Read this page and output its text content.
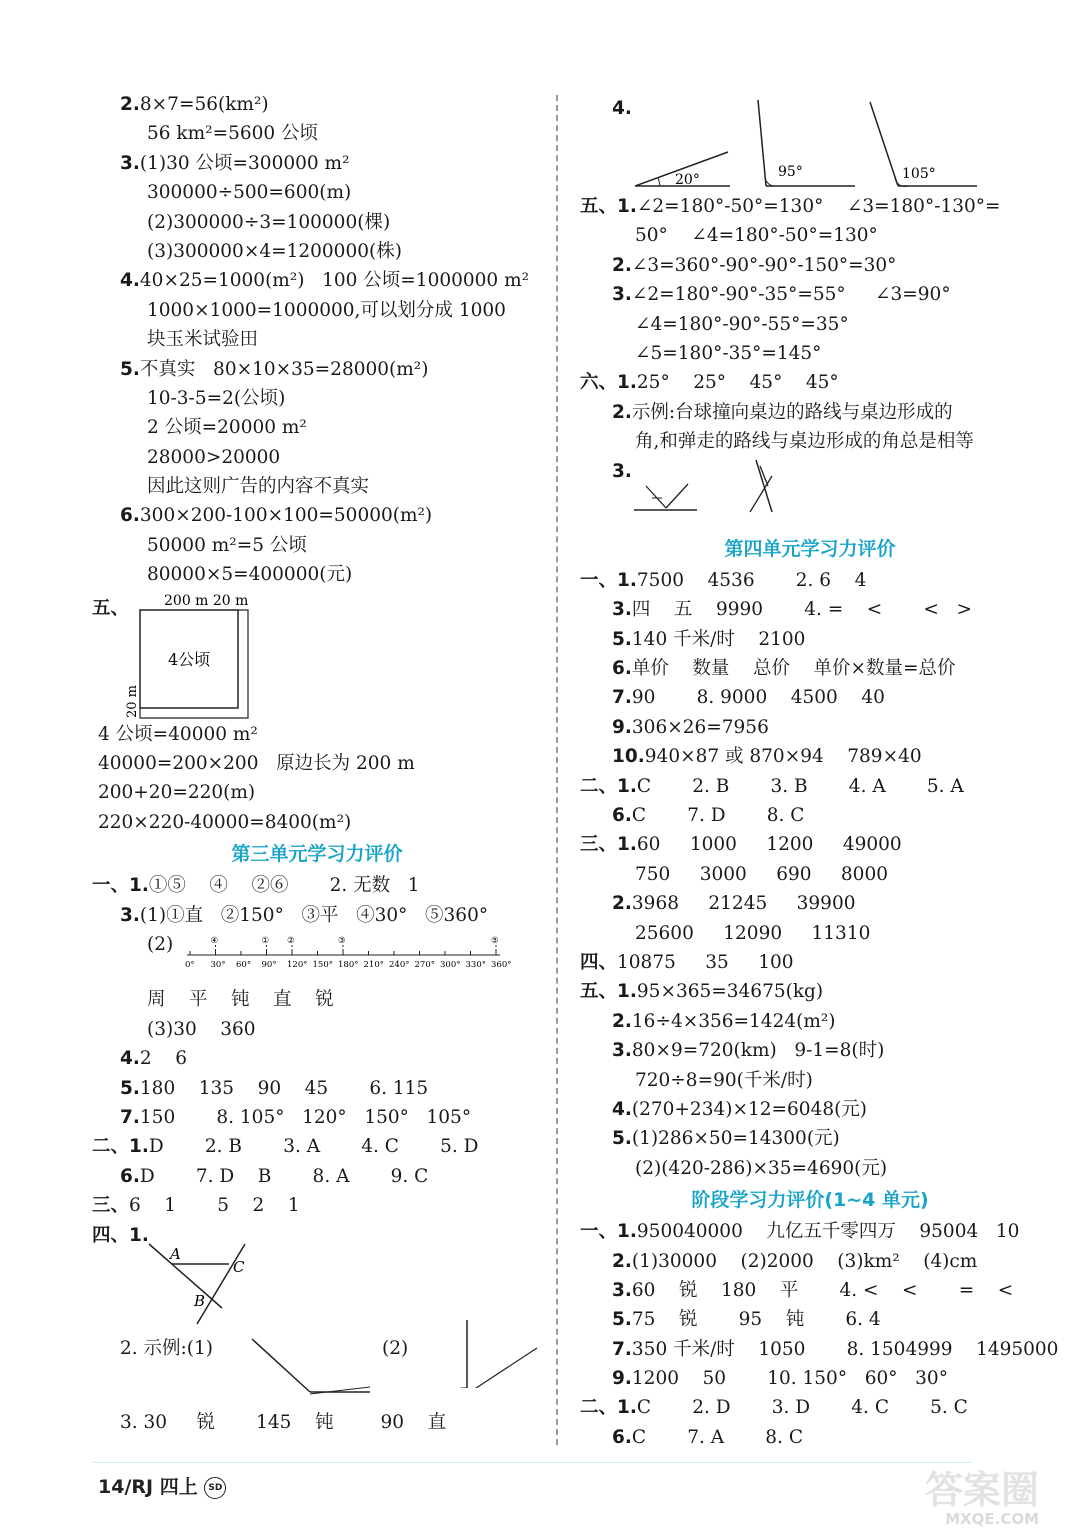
2.8×7=56(km²)
56 km²=5600 公顷
3.(1)30 公顷=300000 m²
300000÷500=600(m)
(2)300000÷3=100000(棵)
(3)300000×4=1200000(株)
4.40×25=1000(m²)   100 公顷=1000000 m²
1000×1000=1000000,可以划分成 1000
块玉米试验田
5.不真实   80×10×35=28000(m²)
10-3-5=2(公顷)
2 公顷=20000 m²
28000>20000
因此这则广告的内容不真实
6.300×200-100×100=50000(m²)
50000 m²=5 公顷
80000×5=400000(元)
五、 200 m 20 m
4公顷
20 m
4 公顷=40000 m²
40000=200×200   原边长为 200 m
200+20=220(m)
220×220-40000=8400(m²)
第三单元学习力评价
一、1.①⑤    ④    ②⑥       2. 无数   1
3.(1)①直   ②150°   ③平   ④30°   ⑤360°
(2)	④	① ②	③	⑤
0° 30° 60° 90° 120° 150° 180° 210° 240° 270° 300° 330° 360°
周    平    钝    直    锐
(3)30    360
4.2    6
5.180    135    90    45       6. 115
7.150       8. 105°   120°   150°   105°
二、1.D       2. B       3. A       4. C       5. D
6.D       7. D    B       8. A       9. C
三、6    1       5    2    1
四、1.
A
C
B
2. 示例:(1)	(2)
3. 30     锐       145    钝        90    直
4.
20°	95°	105°
五、1.∠2=180°-50°=130°    ∠3=180°-130°=
50°    ∠4=180°-50°=130°
2.∠3=360°-90°-90°-150°=30°
3.∠2=180°-90°-35°=55°     ∠3=90°
∠4=180°-90°-55°=35°
∠5=180°-35°=145°
六、1.25°    25°    45°    45°
2.示例:台球撞向桌边的路线与桌边形成的
角,和弹走的路线与桌边形成的角总是相等
3.
第四单元学习力评价
一、1.7500    4536       2. 6    4
3.四    五    9990       4. =    <       <   >
5.140 千米/时    2100
6.单价    数量    总价    单价×数量=总价
7.90       8. 9000    4500    40
9.306×26=7956
10.940×87 或 870×94    789×40
二、1.C       2. B       3. B       4. A       5. A
6.C       7. D       8. C
三、1.60     1000     1200     49000
750     3000     690     8000
2.3968     21245     39900
25600     12090     11310
四、10875     35     100
五、1.95×365=34675(kg)
2.16÷4×356=1424(m²)
3.80×9=720(km)   9-1=8(时)
720÷8=90(千米/时)
4.(270+234)×12=6048(元)
5.(1)286×50=14300(元)
(2)(420-286)×35=4690(元)
阶段学习力评价(1~4 单元)
一、1.950040000    九亿五千零四万    95004   10
2.(1)30000    (2)2000    (3)km²    (4)cm
3.60    锐    180    平       4. <    <       =    <
5.75    锐       95    钝       6. 4
7.350 千米/时    1050       8. 1504999    1495000
9.1200    50       10. 150°   60°   30°
二、1.C       2. D       3. D       4. C       5. C
6.C       7. A       8. C
14/RJ 四上 SD	答案圈
MXQE.COM
